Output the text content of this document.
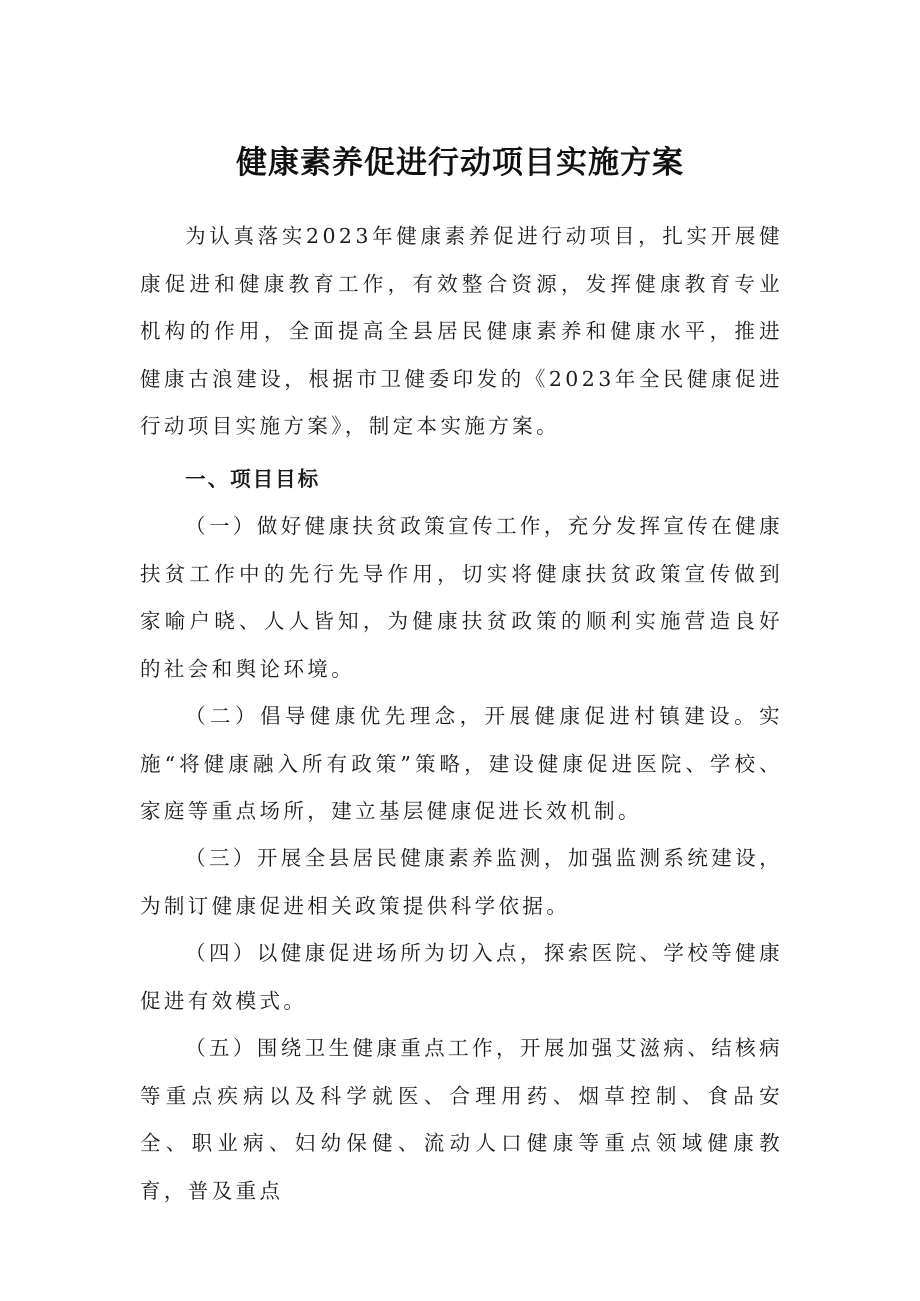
健康素养促进行动项目实施方案

为认真落实2023年健康素养促进行动项目，扎实开展健康促进和健康教育工作，有效整合资源，发挥健康教育专业机构的作用，全面提高全县居民健康素养和健康水平，推进健康古浪建设，根据市卫健委印发的《2023年全民健康促进行动项目实施方案》，制定本实施方案。

一、项目目标

（一）做好健康扶贫政策宣传工作，充分发挥宣传在健康扶贫工作中的先行先导作用，切实将健康扶贫政策宣传做到家喻户晓、人人皆知，为健康扶贫政策的顺利实施营造良好的社会和舆论环境。

（二）倡导健康优先理念，开展健康促进村镇建设。实施“将健康融入所有政策”策略，建设健康促进医院、学校、家庭等重点场所，建立基层健康促进长效机制。

（三）开展全县居民健康素养监测，加强监测系统建设，为制订健康促进相关政策提供科学依据。

（四）以健康促进场所为切入点，探索医院、学校等健康促进有效模式。

（五）围绕卫生健康重点工作，开展加强艾滋病、结核病等重点疾病以及科学就医、合理用药、烟草控制、食品安全、职业病、妇幼保健、流动人口健康等重点领域健康教育，普及重点
